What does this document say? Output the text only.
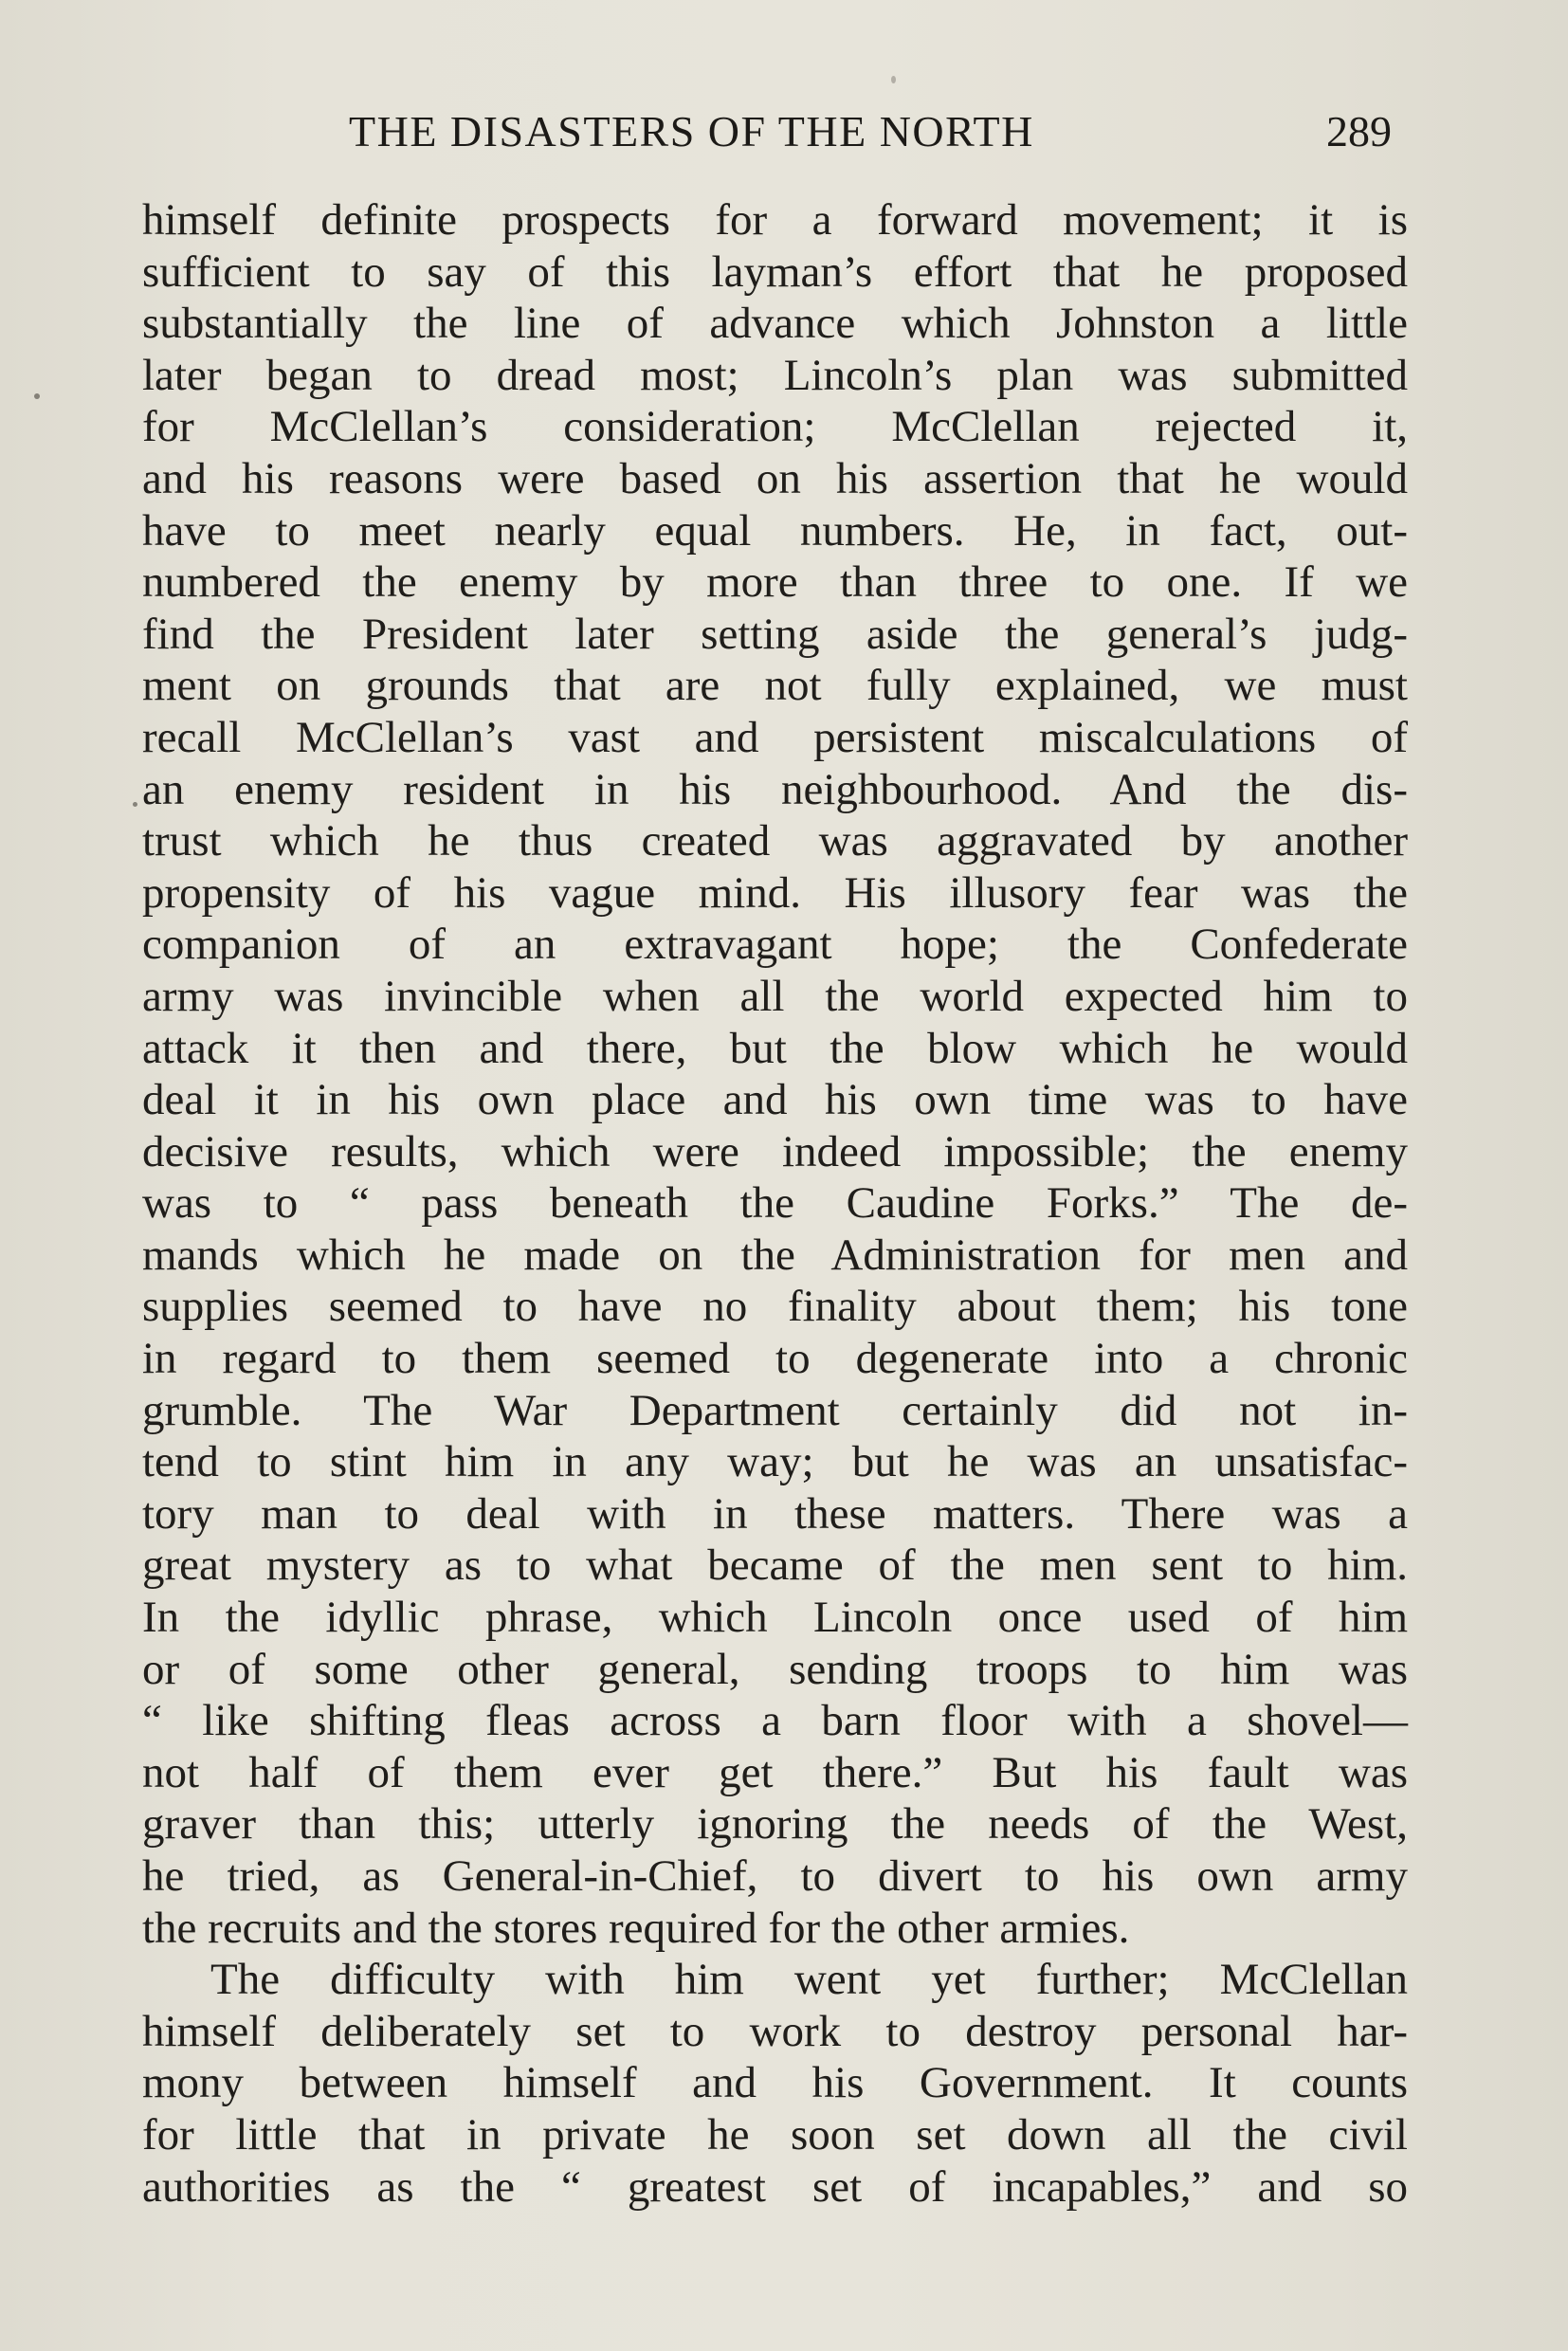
THE DISASTERS OF THE NORTH	289
himself definite prospects for a forward movement; it is
sufficient to say of this layman’s effort that he proposed
substantially the line of advance which Johnston a little
later began to dread most; Lincoln’s plan was submitted
for McClellan’s consideration; McClellan rejected it,
and his reasons were based on his assertion that he would
have to meet nearly equal numbers. He, in fact, out-
numbered the enemy by more than three to one. If we
find the President later setting aside the general’s judg-
ment on grounds that are not fully explained, we must
recall McClellan’s vast and persistent miscalculations of
an enemy resident in his neighbourhood. And the dis-
trust which he thus created was aggravated by another
propensity of his vague mind. His illusory fear was the
companion of an extravagant hope; the Confederate
army was invincible when all the world expected him to
attack it then and there, but the blow which he would
deal it in his own place and his own time was to have
decisive results, which were indeed impossible; the enemy
was to “ pass beneath the Caudine Forks.” The de-
mands which he made on the Administration for men and
supplies seemed to have no finality about them; his tone
in regard to them seemed to degenerate into a chronic
grumble. The War Department certainly did not in-
tend to stint him in any way; but he was an unsatisfac-
tory man to deal with in these matters. There was a
great mystery as to what became of the men sent to him.
In the idyllic phrase, which Lincoln once used of him
or of some other general, sending troops to him was
“ like shifting fleas across a barn floor with a shovel—
not half of them ever get there.” But his fault was
graver than this; utterly ignoring the needs of the West,
he tried, as General-in-Chief, to divert to his own army
the recruits and the stores required for the other armies.
The difficulty with him went yet further; McClellan
himself deliberately set to work to destroy personal har-
mony between himself and his Government. It counts
for little that in private he soon set down all the civil
authorities as the “ greatest set of incapables,” and so
